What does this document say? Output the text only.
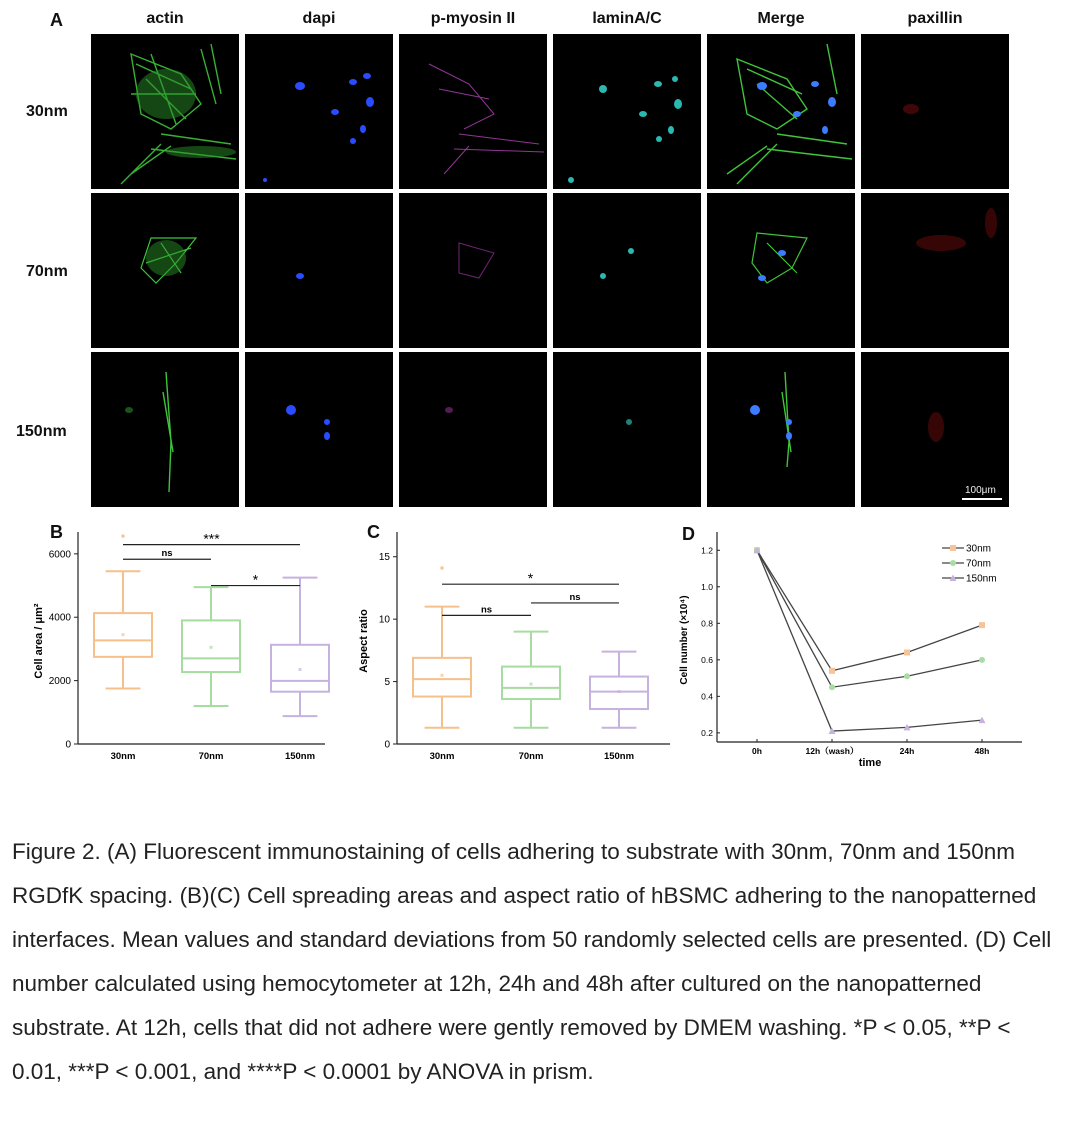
A	actin	dapi	p-myosin II	laminA/C	Merge	paxillin
30nm
70nm
150nm
100μm
B
0
2000
4000
6000
Cell area / μm²
30nm	70nm	150nm
ns
*
***	C
0
5
10
15
Aspect ratio
30nm	70nm	150nm
ns
ns
*
D
0.2
0.4
0.6
0.8
1.0
1.2
0h	12h（wash）	24h	48h
time
Cell number (×10⁴)
30nm
70nm
150nm

Figure 2. (A) Fluorescent immunostaining of cells adhering to substrate with 30nm, 70nm and 150nm RGDfK spacing. (B)(C) Cell spreading areas and aspect ratio of hBSMC adhering to the nanopatterned interfaces. Mean values and standard deviations from 50 randomly selected cells are presented. (D) Cell number calculated using hemocytometer at 12h, 24h and 48h after cultured on the nanopatterned substrate. At 12h, cells that did not adhere were gently removed by DMEM washing. *P < 0.05, **P < 0.01, ***P < 0.001, and ****P < 0.0001 by ANOVA in prism.
